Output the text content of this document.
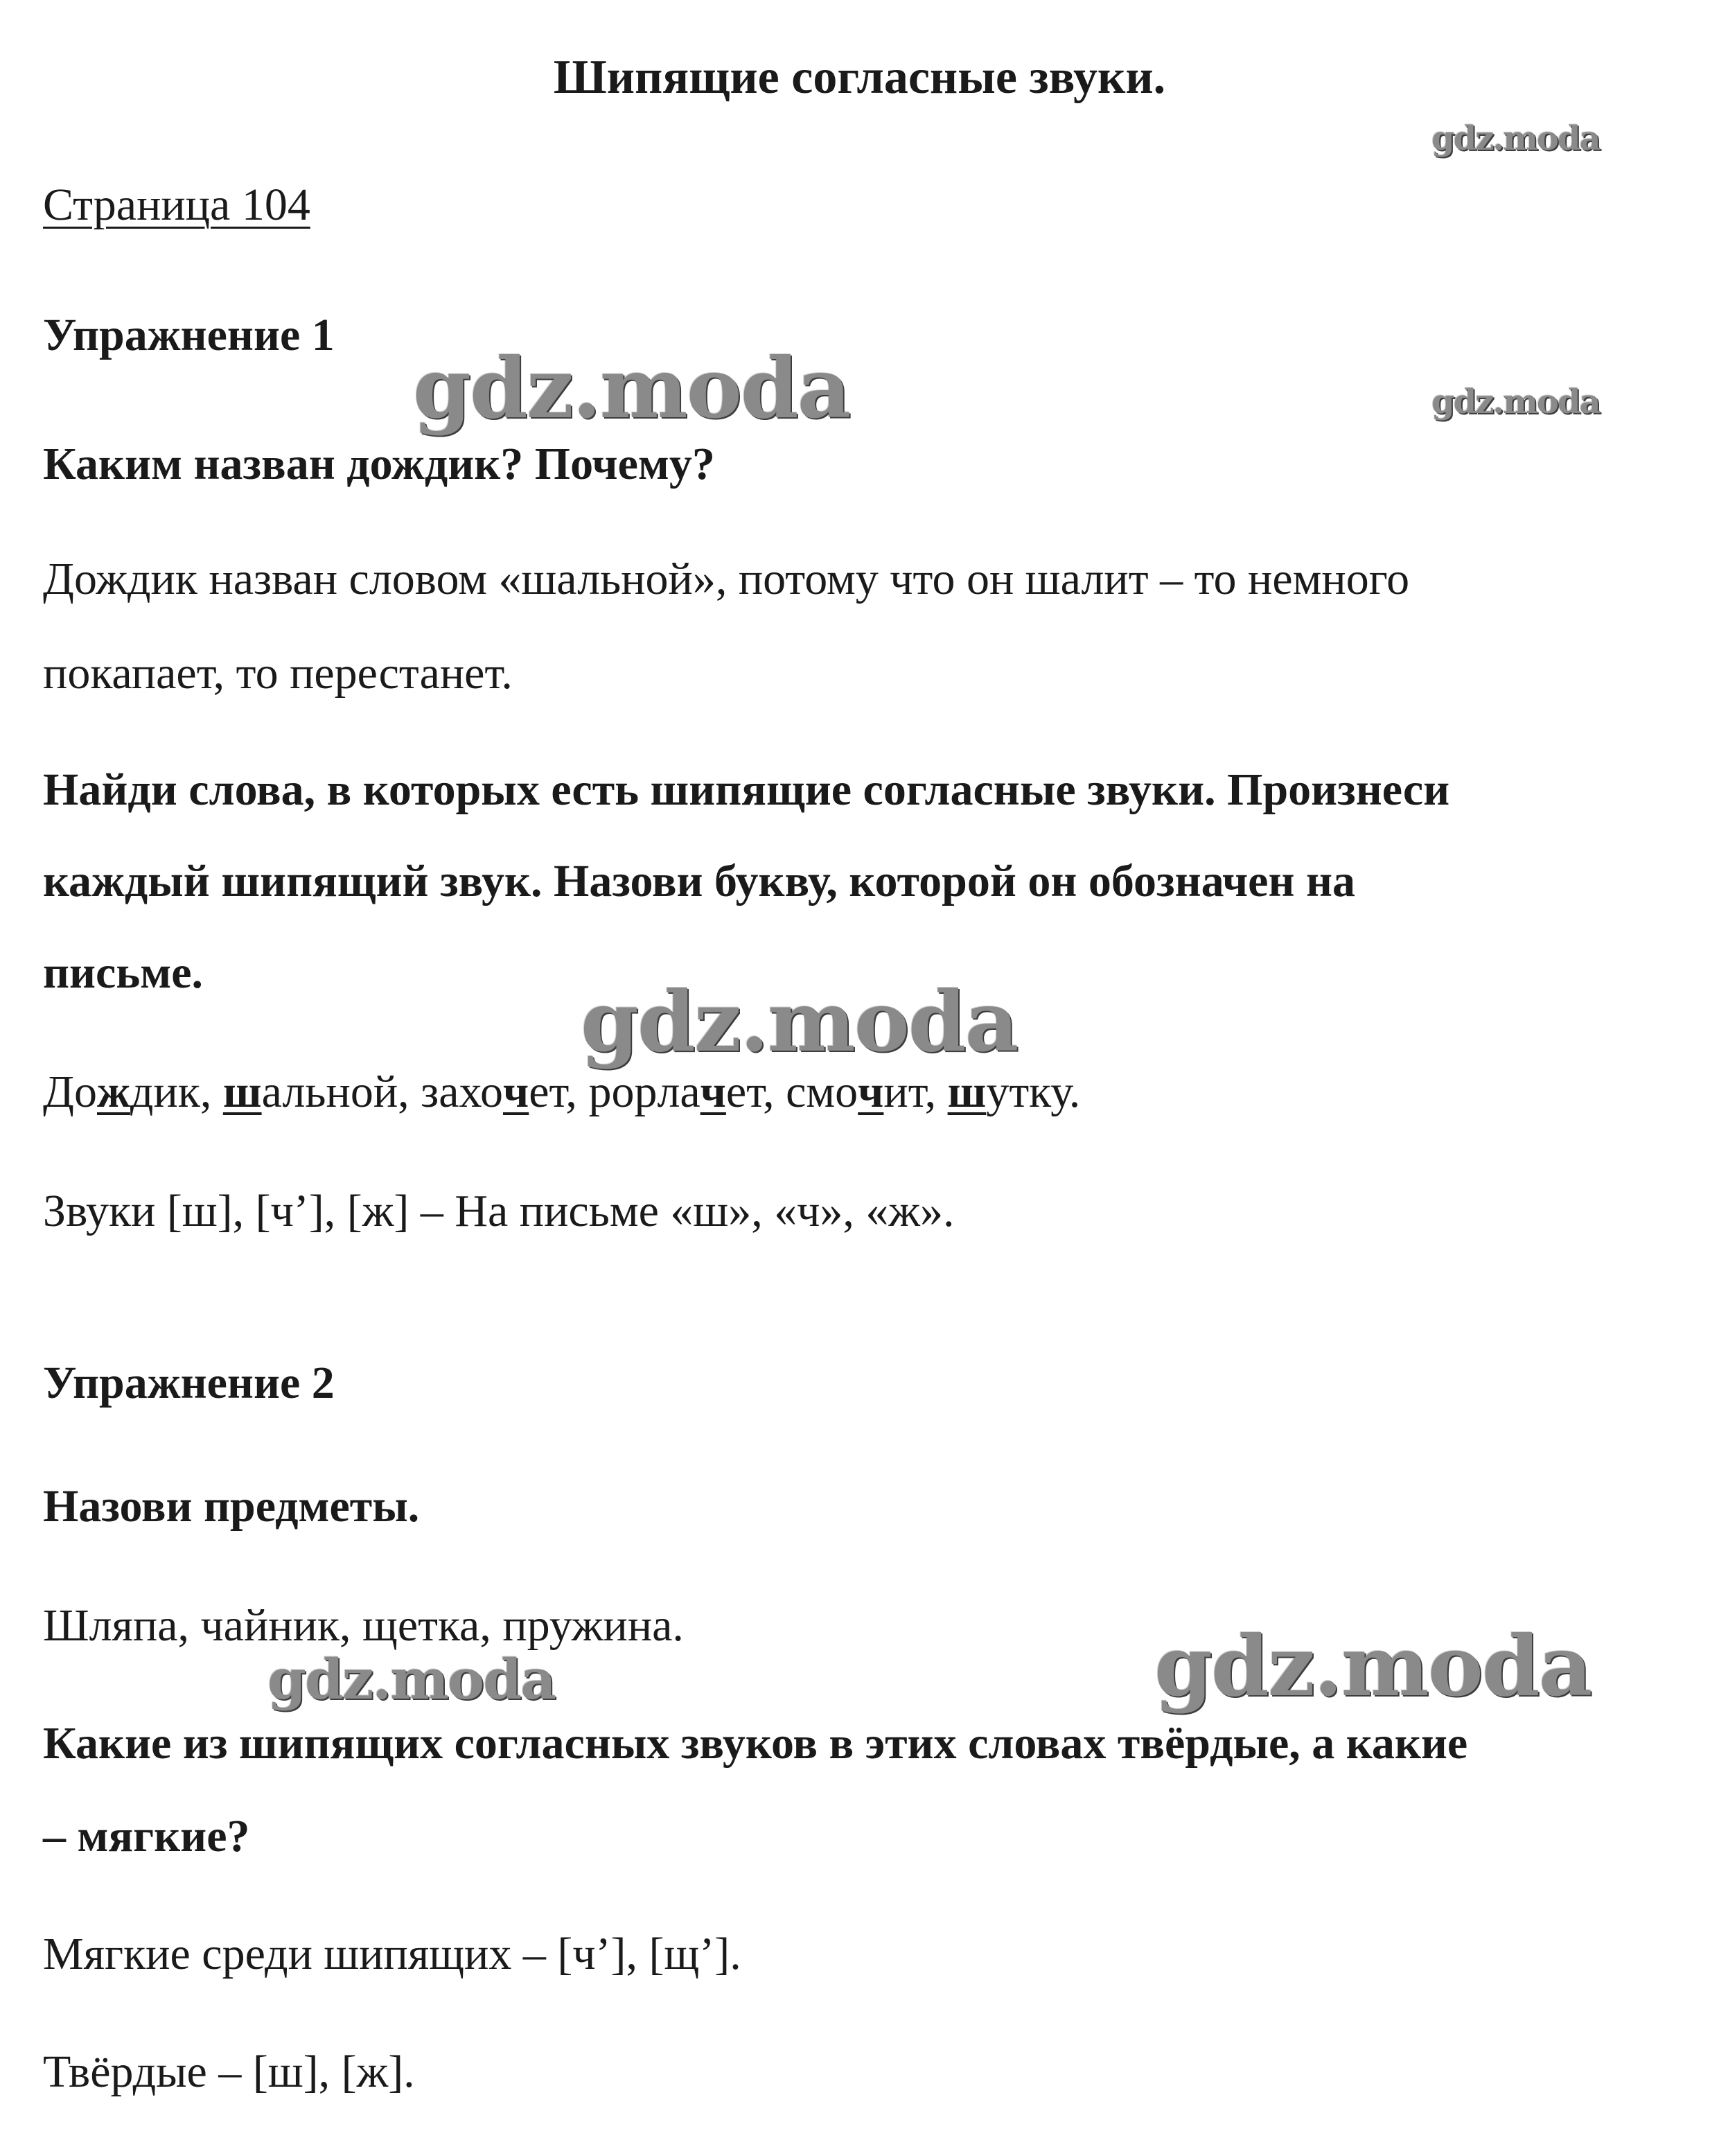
Шипящие согласные звуки.
Страница 104
Упражнение 1
Каким назван дождик? Почему?
Дождик назван словом «шальной», потому что он шалит – то немного
покапает, то перестанет.
Найди слова, в которых есть шипящие согласные звуки. Произнеси
каждый шипящий звук. Назови букву, которой он обозначен на
письме.
Дождик, шальной, захочет, popлачет, смочит, шутку.
Звуки [ш], [ч’], [ж] – На письме «ш», «ч», «ж».
Упражнение 2
Назови предметы.
Шляпа, чайник, щетка, пружина.
Какие из шипящих согласных звуков в этих словах твёрдые, а какие
– мягкие?
Мягкие среди шипящих – [ч’], [щ’].
Твёрдые – [ш], [ж].
gdz.moda
gdz.moda	gdz.moda
gdz.moda
gdz.moda
gdz.moda
